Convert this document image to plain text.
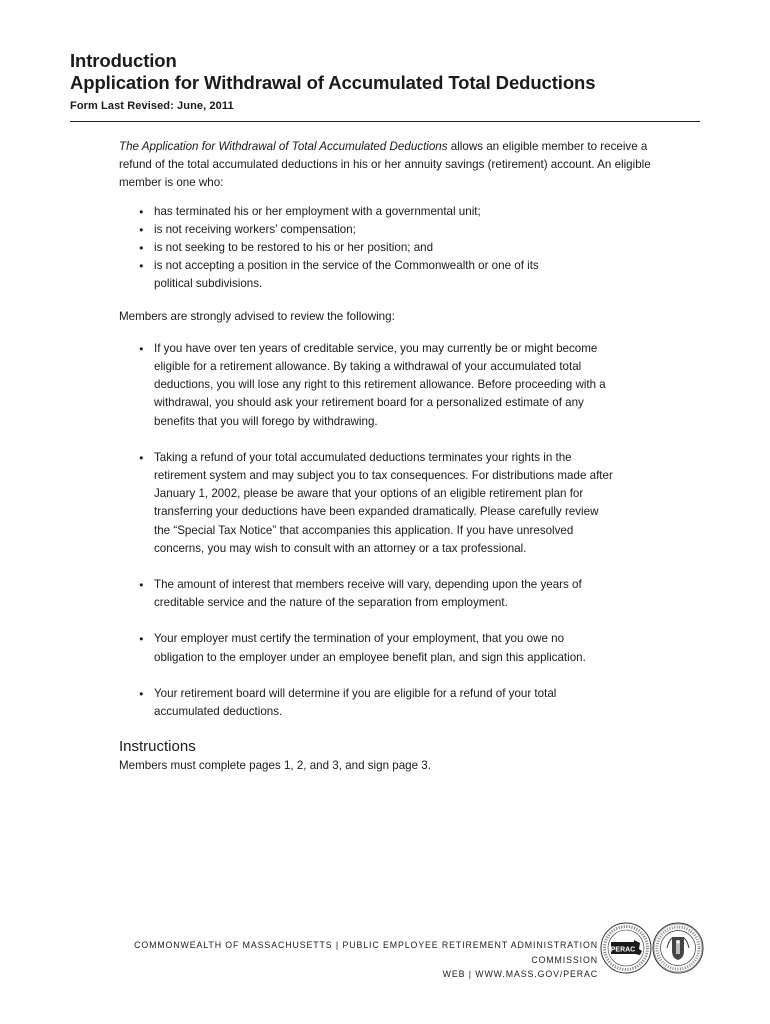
Introduction
Application for Withdrawal of Accumulated Total Deductions
Form Last Revised: June, 2011

The Application for Withdrawal of Total Accumulated Deductions allows an eligible member to receive a refund of the total accumulated deductions in his or her annuity savings (retirement) account. An eligible member is one who:

● has terminated his or her employment with a governmental unit;
● is not receiving workers’ compensation;
● is not seeking to be restored to his or her position; and
● is not accepting a position in the service of the Commonwealth or one of its political subdivisions.

Members are strongly advised to review the following:

● If you have over ten years of creditable service, you may currently be or might become eligible for a retirement allowance. By taking a withdrawal of your accumulated total deductions, you will lose any right to this retirement allowance. Before proceeding with a withdrawal, you should ask your retirement board for a personalized estimate of any benefits that you will forego by withdrawing.
● Taking a refund of your total accumulated deductions terminates your rights in the retirement system and may subject you to tax consequences. For distributions made after January 1, 2002, please be aware that your options of an eligible retirement plan for transferring your deductions have been expanded dramatically. Please carefully review the “Special Tax Notice” that accompanies this application. If you have unresolved concerns, you may wish to consult with an attorney or a tax professional.
● The amount of interest that members receive will vary, depending upon the years of creditable service and the nature of the separation from employment.
● Your employer must certify the termination of your employment, that you owe no obligation to the employer under an employee benefit plan, and sign this application.
● Your retirement board will determine if you are eligible for a refund of your total accumulated deductions.
Instructions
Members must complete pages 1, 2, and 3, and sign page 3.
COMMONWEALTH OF MASSACHUSETTS | PUBLIC EMPLOYEE RETIREMENT ADMINISTRATION COMMISSION
WEB | WWW.MASS.GOV/PERAC
PERAC
